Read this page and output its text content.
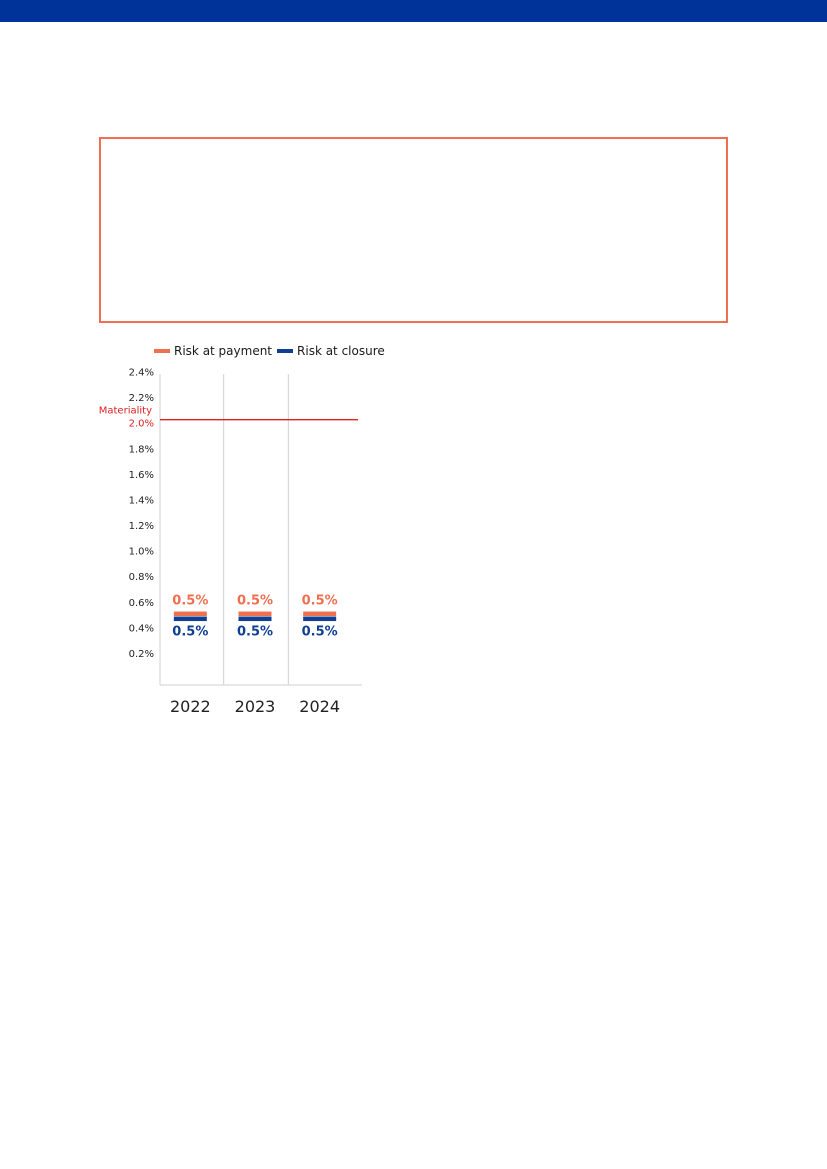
Risk at payment Risk at closure
0.2%
0.4%
0.6%
0.8%
1.0%
1.2%
1.4%
1.6%
1.8%
2.0%
2.2%
2.4%
Materiality
0.5%
0.5%
2022
0.5%
0.5%
2023
0.5%
0.5%
2024
